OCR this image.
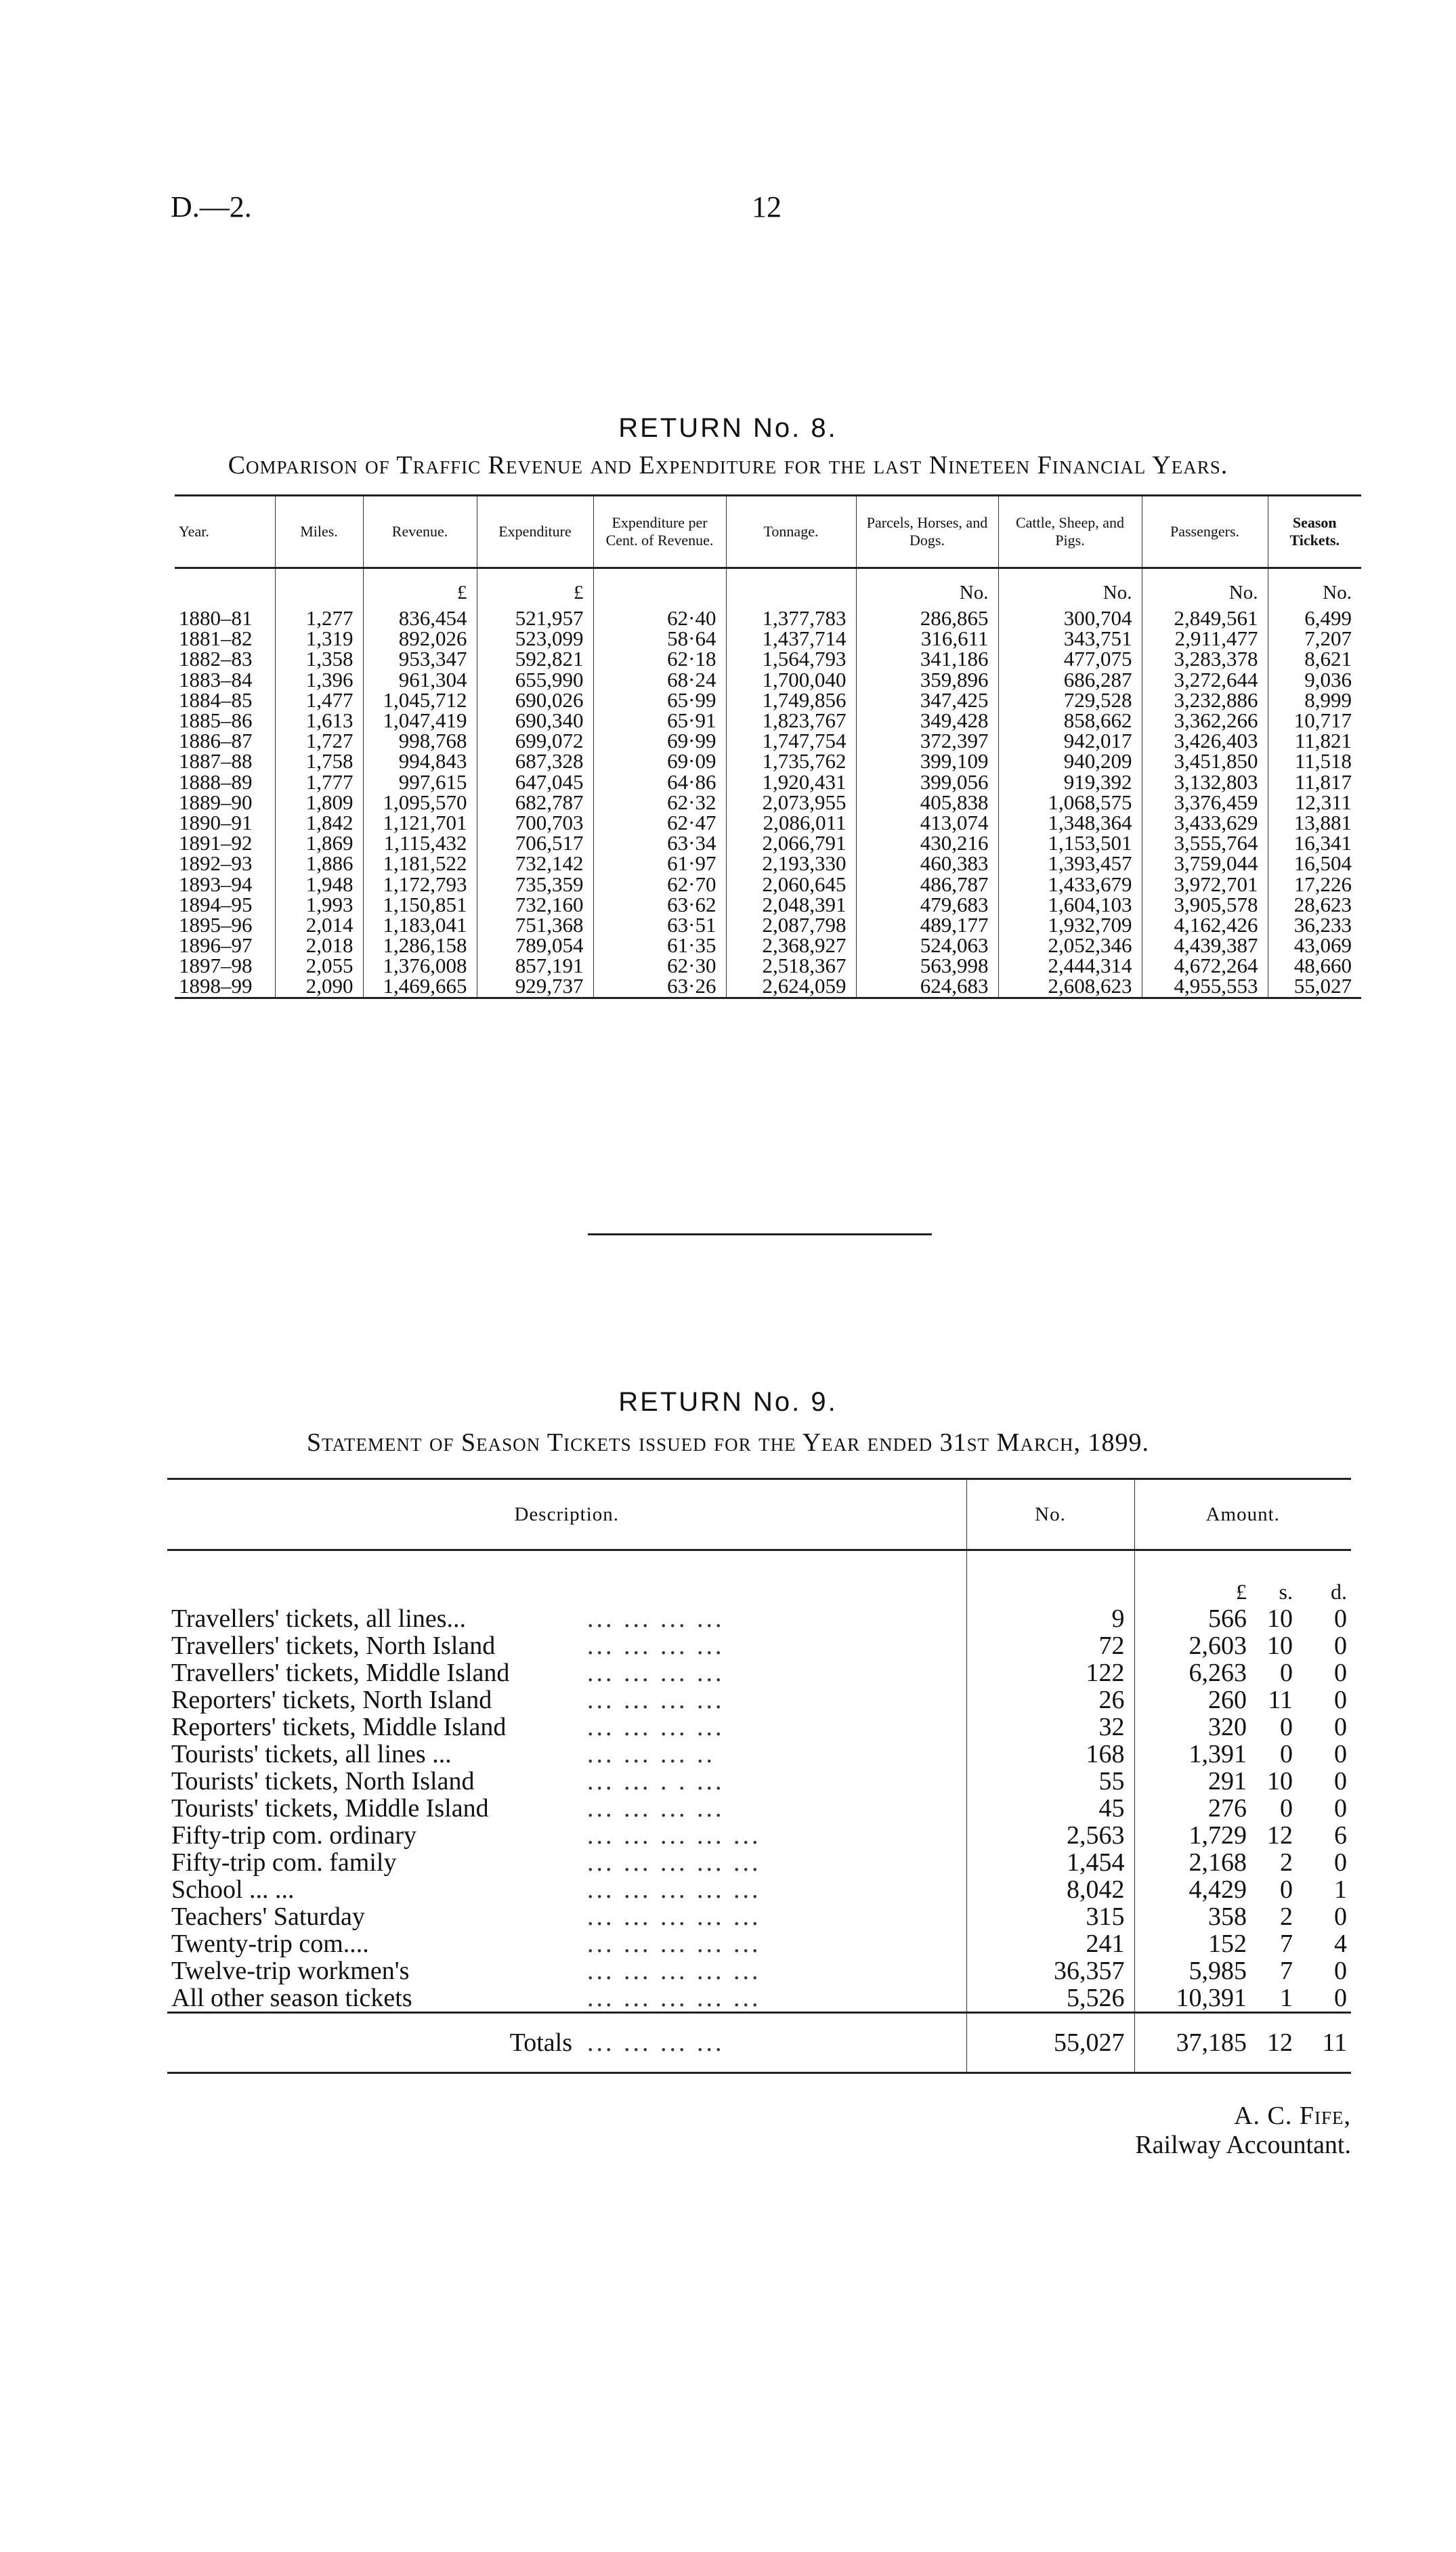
D.—2.	12
RETURN No. 8.
Comparison of Traffic Revenue and Expenditure for the last Nineteen Financial Years.
Year.	Miles.	Revenue.	Expenditure	Expenditure per Cent. of Revenue.	Tonnage.	Parcels, Horses, and Dogs.	Cattle, Sheep, and Pigs.	Passengers.	Season Tickets.
		£	£			No.	No.	No.	No.

1880–81	1,277	836,454	521,957	62·40	1,377,783	286,865	300,704	2,849,561	6,499
1881–82	1,319	892,026	523,099	58·64	1,437,714	316,611	343,751	2,911,477	7,207
1882–83	1,358	953,347	592,821	62·18	1,564,793	341,186	477,075	3,283,378	8,621
1883–84	1,396	961,304	655,990	68·24	1,700,040	359,896	686,287	3,272,644	9,036
1884–85	1,477	1,045,712	690,026	65·99	1,749,856	347,425	729,528	3,232,886	8,999
1885–86	1,613	1,047,419	690,340	65·91	1,823,767	349,428	858,662	3,362,266	10,717
1886–87	1,727	998,768	699,072	69·99	1,747,754	372,397	942,017	3,426,403	11,821
1887–88	1,758	994,843	687,328	69·09	1,735,762	399,109	940,209	3,451,850	11,518
1888–89	1,777	997,615	647,045	64·86	1,920,431	399,056	919,392	3,132,803	11,817
1889–90	1,809	1,095,570	682,787	62·32	2,073,955	405,838	1,068,575	3,376,459	12,311
1890–91	1,842	1,121,701	700,703	62·47	2,086,011	413,074	1,348,364	3,433,629	13,881
1891–92	1,869	1,115,432	706,517	63·34	2,066,791	430,216	1,153,501	3,555,764	16,341
1892–93	1,886	1,181,522	732,142	61·97	2,193,330	460,383	1,393,457	3,759,044	16,504
1893–94	1,948	1,172,793	735,359	62·70	2,060,645	486,787	1,433,679	3,972,701	17,226
1894–95	1,993	1,150,851	732,160	63·62	2,048,391	479,683	1,604,103	3,905,578	28,623
1895–96	2,014	1,183,041	751,368	63·51	2,087,798	489,177	1,932,709	4,162,426	36,233
1896–97	2,018	1,286,158	789,054	61·35	2,368,927	524,063	2,052,346	4,439,387	43,069
1897–98	2,055	1,376,008	857,191	62·30	2,518,367	563,998	2,444,314	4,672,264	48,660
1898–99	2,090	1,469,665	929,737	63·26	2,624,059	624,683	2,608,623	4,955,553	55,027

RETURN No. 9.
Statement of Season Tickets issued for the Year ended 31st March, 1899.
Description.		No.	Amount.		
			£	s.	d.
Travellers' tickets, all lines...	... ... ... ...	9	566	10	0
Travellers' tickets, North Island	... ... ... ...	72	2,603	10	0
Travellers' tickets, Middle Island	... ... ... ...	122	6,263	0	0
Reporters' tickets, North Island	... ... ... ...	26	260	11	0
Reporters' tickets, Middle Island	... ... ... ...	32	320	0	0
Tourists' tickets, all lines ...	... ... ... ..	168	1,391	0	0
Tourists' tickets, North Island	... ... . . ...	55	291	10	0
Tourists' tickets, Middle Island	... ... ... ...	45	276	0	0
Fifty-trip com. ordinary	... ... ... ... ...	2,563	1,729	12	6
Fifty-trip com. family	... ... ... ... ...	1,454	2,168	2	0
School ... ...	... ... ... ... ...	8,042	4,429	0	1
Teachers' Saturday	... ... ... ... ...	315	358	2	0
Twenty-trip com....	... ... ... ... ...	241	152	7	4
Twelve-trip workmen's	... ... ... ... ...	36,357	5,985	7	0
All other season tickets	... ... ... ... ...	5,526	10,391	1	0
Totals	... ... ... ...	55,027	37,185	12	11
A. C. Fife,
Railway Accountant.
